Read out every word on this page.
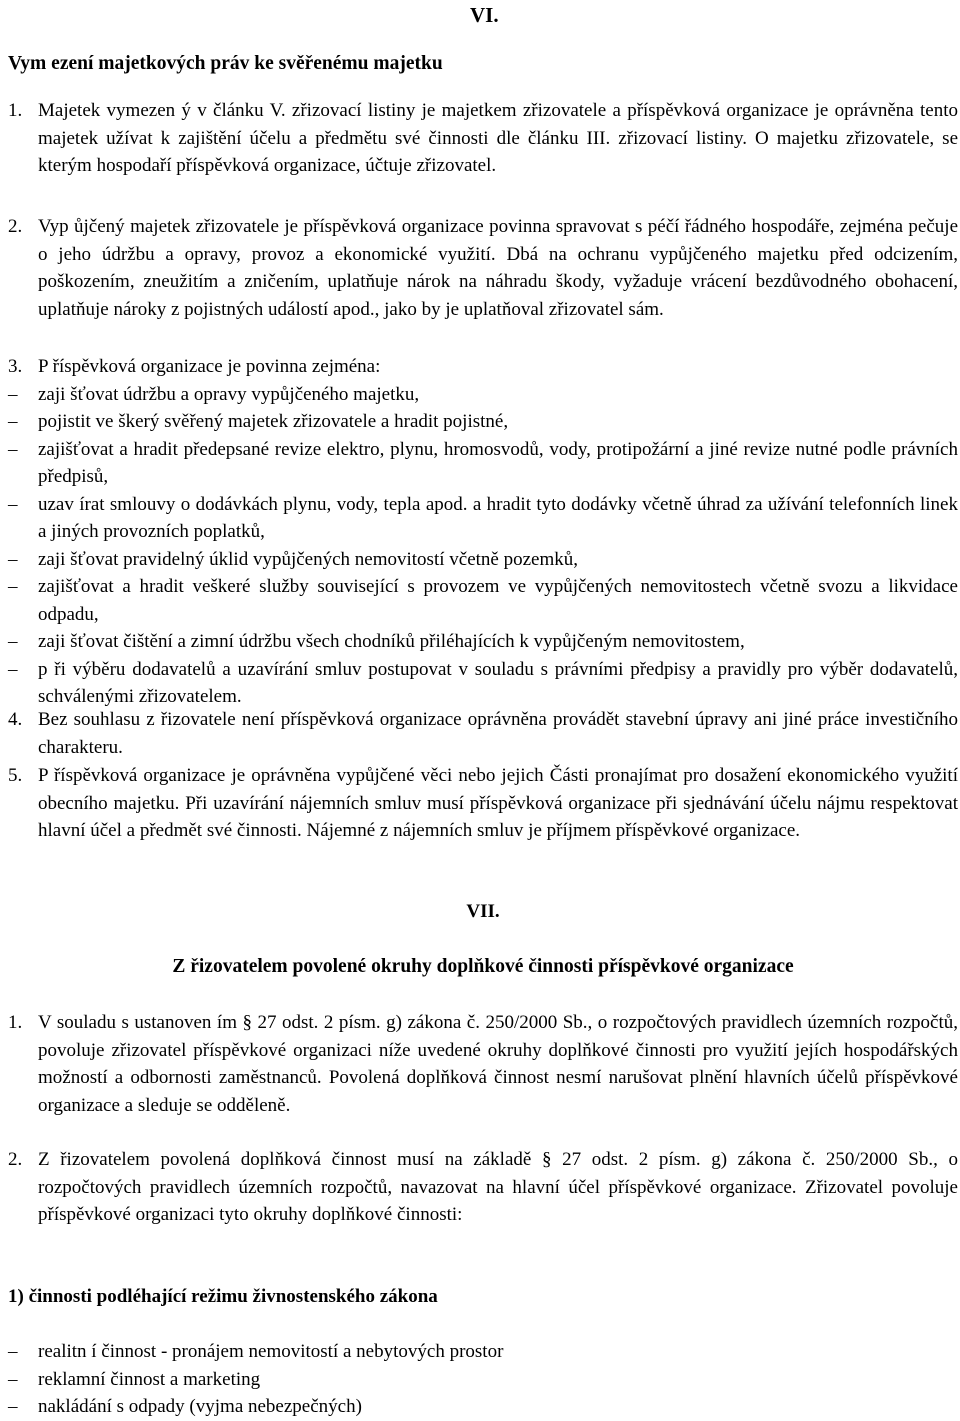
VI.
Vym ezení majetkových práv ke svěřenému majetku
1. Majetek vymezen ý v článku V. zřizovací listiny je majetkem zřizovatele a příspěvková organizace je oprávněna tento majetek užívat k zajištění účelu a předmětu své činnosti dle článku III. zřizovací listiny. O majetku zřizovatele, se kterým hospodaří příspěvková organizace, účtuje zřizovatel.
2. Vyp ůjčený majetek zřizovatele je příspěvková organizace povinna spravovat s péčí řádného hospodáře, zejména pečuje o jeho údržbu a opravy, provoz a ekonomické využití. Dbá na ochranu vypůjčeného majetku před odcizením, poškozením, zneužitím a zničením, uplatňuje nárok na náhradu škody, vyžaduje vrácení bezdůvodného obohacení, uplatňuje nároky z pojistných událostí apod., jako by je uplatňoval zřizovatel sám.
3. P říspěvková organizace je povinna zejména:
– zaji šťovat údržbu a opravy vypůjčeného majetku,
– pojistit ve škerý svěřený majetek zřizovatele a hradit pojistné,
– zajišťovat a hradit předepsané revize elektro, plynu, hromosvodů, vody, protipožární a jiné revize nutné podle právních předpisů,
– uzav írat smlouvy o dodávkách plynu, vody, tepla apod. a hradit tyto dodávky včetně úhrad za užívání telefonních linek a jiných provozních poplatků,
– zaji šťovat pravidelný úklid vypůjčených nemovitostí včetně pozemků,
– zajišťovat a hradit veškeré služby související s provozem ve vypůjčených nemovitostech včetně svozu a likvidace odpadu,
– zaji šťovat čištění a zimní údržbu všech chodníků přiléhajících k vypůjčeným nemovitostem,
– p ři výběru dodavatelů a uzavírání smluv postupovat v souladu s právními předpisy a pravidly pro výběr dodavatelů, schválenými zřizovatelem.
4. Bez souhlasu z řizovatele není příspěvková organizace oprávněna provádět stavební úpravy ani jiné práce investičního charakteru.
5. P říspěvková organizace je oprávněna vypůjčené věci nebo jejich Části pronajímat pro dosažení ekonomického využití obecního majetku. Při uzavírání nájemních smluv musí příspěvková organizace při sjednávání účelu nájmu respektovat hlavní účel a předmět své činnosti. Nájemné z nájemních smluv je příjmem příspěvkové organizace.
VII.
Z řizovatelem povolené okruhy doplňkové činnosti příspěvkové organizace
1. V souladu s ustanoven ím § 27 odst. 2 písm. g) zákona č. 250/2000 Sb., o rozpočtových pravidlech územních rozpočtů, povoluje zřizovatel příspěvkové organizaci níže uvedené okruhy doplňkové činnosti pro využití jejích hospodářských možností a odbornosti zaměstnanců. Povolená doplňková činnost nesmí narušovat plnění hlavních účelů příspěvkové organizace a sleduje se odděleně.
2. Z řizovatelem povolená doplňková činnost musí na základě § 27 odst. 2 písm. g) zákona č. 250/2000 Sb., o rozpočtových pravidlech územních rozpočtů, navazovat na hlavní účel příspěvkové organizace. Zřizovatel povoluje příspěvkové organizaci tyto okruhy doplňkové činnosti:
1) činnosti podléhající režimu živnostenského zákona
– realitn í činnost - pronájem nemovitostí a nebytových prostor
– reklamní činnost a marketing
– nakládání s odpady (vyjma nebezpečných)
